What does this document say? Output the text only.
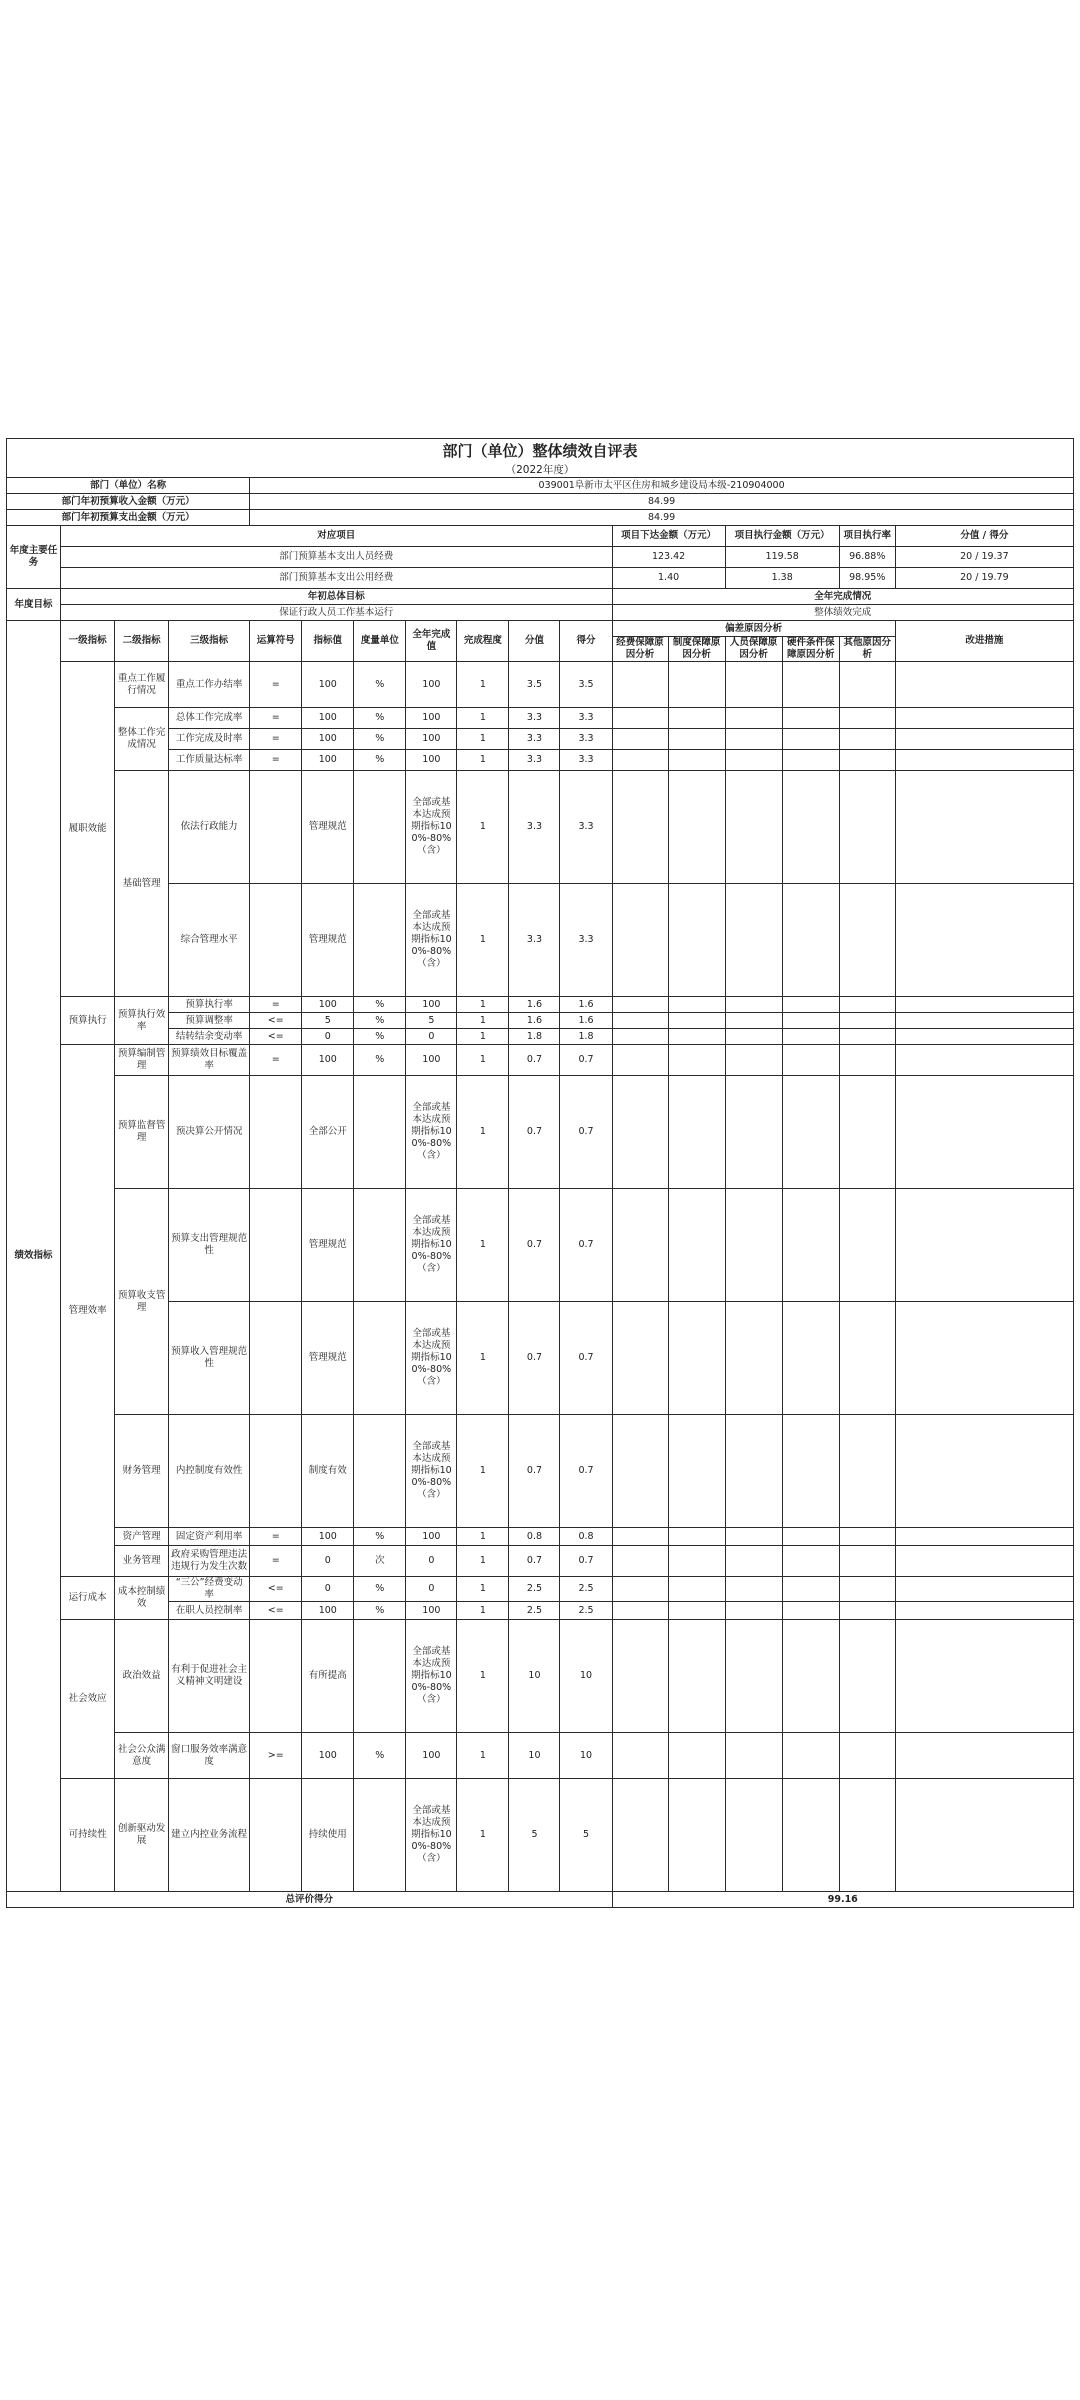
部门（单位）整体绩效自评表																
（2022年度）																
部门（单位）名称				039001阜新市太平区住房和城乡建设局本级-210904000												
部门年初预算收入金额（万元）				84.99												
部门年初预算支出金额（万元）				84.99												
年度主要任务	对应项目										项目下达金额（万元）		项目执行金额（万元）		项目执行率	分值 / 得分
	部门预算基本支出人员经费										123.42		119.58		96.88%	20 / 19.37
	部门预算基本支出公用经费										1.40		1.38		98.95%	20 / 19.79
年度目标	年初总体目标										全年完成情况					
	保证行政人员工作基本运行										整体绩效完成					
绩效指标	一级指标	二级指标	三级指标	运算符号	指标值	度量单位	全年完成值	完成程度	分值	得分	偏差原因分析					改进措施
											经费保障原因分析	制度保障原因分析	人员保障原因分析	硬件条件保障原因分析	其他原因分析	
	履职效能	重点工作履行情况	重点工作办结率	=	100	%	100	1	3.5	3.5						
		整体工作完成情况	总体工作完成率	=	100	%	100	1	3.3	3.3						
			工作完成及时率	=	100	%	100	1	3.3	3.3						
			工作质量达标率	=	100	%	100	1	3.3	3.3						
		基础管理	依法行政能力		管理规范		全部或基本达成预期指标100%-80%（含）	1	3.3	3.3						
			综合管理水平		管理规范		全部或基本达成预期指标100%-80%（含）	1	3.3	3.3						
	预算执行	预算执行效率	预算执行率	=	100	%	100	1	1.6	1.6						
			预算调整率	<=	5	%	5	1	1.6	1.6						
			结转结余变动率	<=	0	%	0	1	1.8	1.8						
	管理效率	预算编制管理	预算绩效目标覆盖率	=	100	%	100	1	0.7	0.7						
		预算监督管理	预决算公开情况		全部公开		全部或基本达成预期指标100%-80%（含）	1	0.7	0.7						
		预算收支管理	预算支出管理规范性		管理规范		全部或基本达成预期指标100%-80%（含）	1	0.7	0.7						
			预算收入管理规范性		管理规范		全部或基本达成预期指标100%-80%（含）	1	0.7	0.7						
		财务管理	内控制度有效性		制度有效		全部或基本达成预期指标100%-80%（含）	1	0.7	0.7						
		资产管理	固定资产利用率	=	100	%	100	1	0.8	0.8						
		业务管理	政府采购管理违法违规行为发生次数	=	0	次	0	1	0.7	0.7						
	运行成本	成本控制绩效	“三公”经费变动率	<=	0	%	0	1	2.5	2.5						
			在职人员控制率	<=	100	%	100	1	2.5	2.5						
	社会效应	政治效益	有利于促进社会主义精神文明建设		有所提高		全部或基本达成预期指标100%-80%（含）	1	10	10						
		社会公众满意度	窗口服务效率满意度	>=	100	%	100	1	10	10						
	可持续性	创新驱动发展	建立内控业务流程		持续使用		全部或基本达成预期指标100%-80%（含）	1	5	5						
总评价得分											99.16					
